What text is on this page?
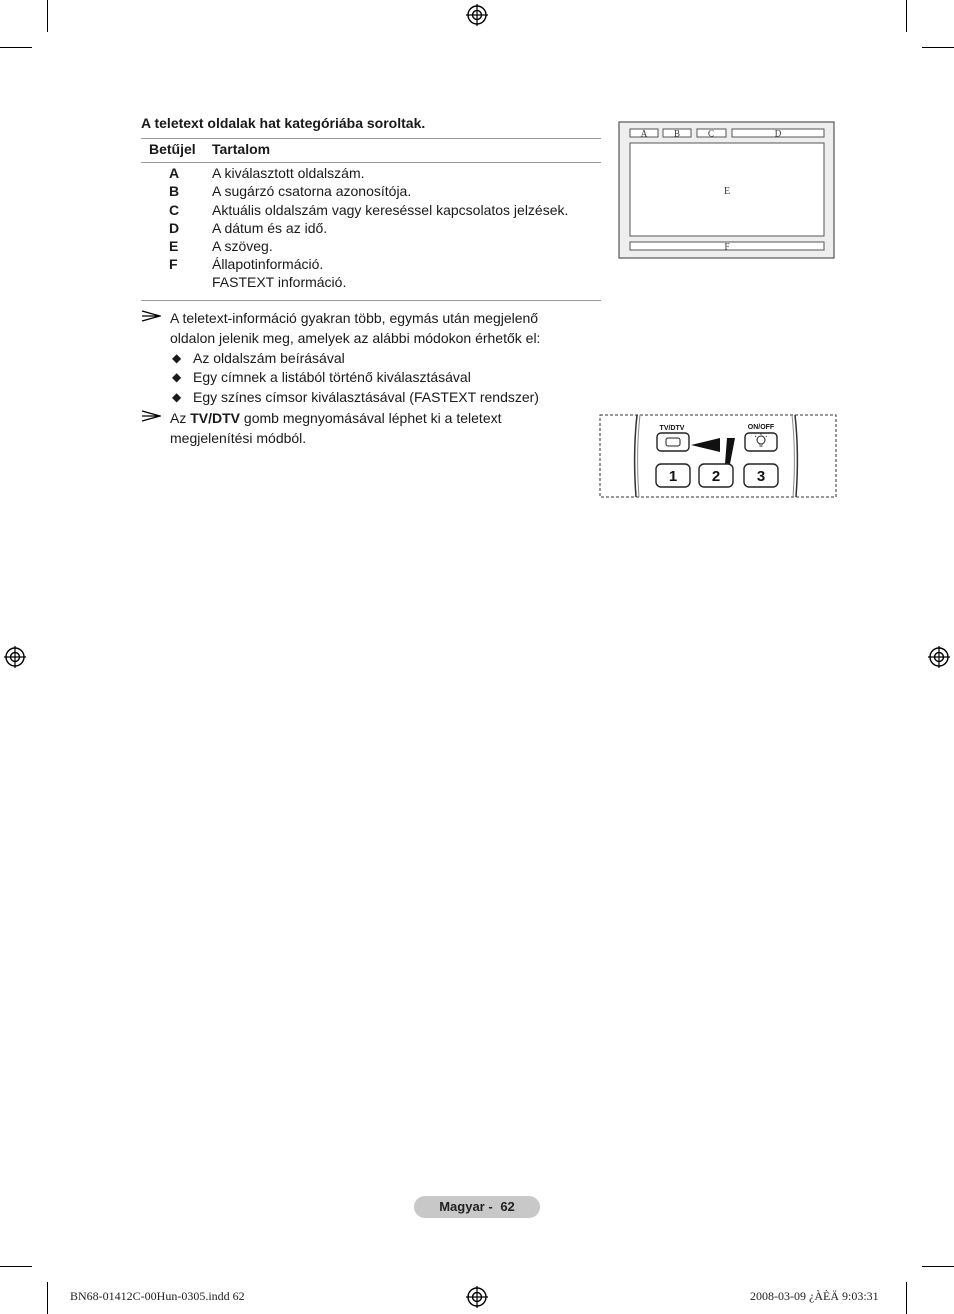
A teletext oldalak hat kategóriába soroltak.
Betűjel Tartalom
A A kiválasztott oldalszám.
B A sugárzó csatorna azonosítója.
C Aktuális oldalszám vagy kereséssel kapcsolatos jelzések.
D A dátum és az idő.
E A szöveg.
F Állapotinformáció.
FASTEXT információ.
A teletext-információ gyakran több, egymás után megjelenő
oldalon jelenik meg, amelyek az alábbi módokon érhetők el:
◆ Az oldalszám beírásával
◆ Egy címnek a listából történő kiválasztásával
◆ Egy színes címsor kiválasztásával (FASTEXT rendszer)
Az TV/DTV gomb megnyomásával léphet ki a teletext
megjelenítési módból.
A	B	C	D
E
F
TV/DTV	ON/OFF
1 2 3
Magyar - 62
BN68-01412C-00Hun-0305.indd 62	2008-03-09 ¿ÀÈÄ 9:03:31
